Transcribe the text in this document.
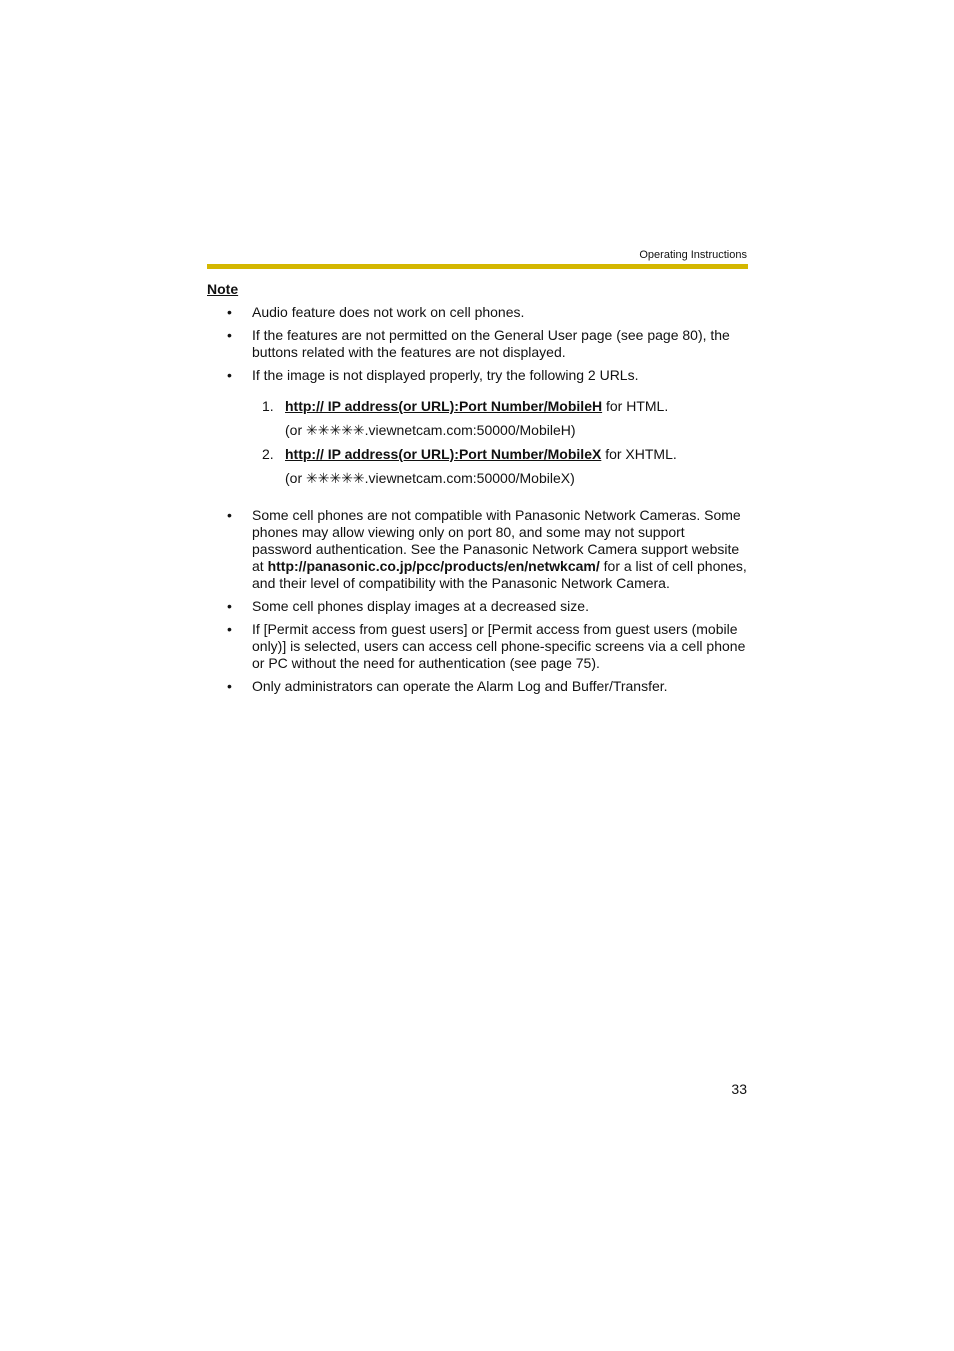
Operating Instructions
Note
• Audio feature does not work on cell phones.
• If the features are not permitted on the General User page (see page 80), the buttons related with the features are not displayed.
• If the image is not displayed properly, try the following 2 URLs.
1. http:// IP address(or URL):Port Number/MobileH for HTML.
(or ✳✳✳✳✳.viewnetcam.com:50000/MobileH)
2. http:// IP address(or URL):Port Number/MobileX for XHTML.
(or ✳✳✳✳✳.viewnetcam.com:50000/MobileX)
• Some cell phones are not compatible with Panasonic Network Cameras. Some phones may allow viewing only on port 80, and some may not support password authentication. See the Panasonic Network Camera support website at http://panasonic.co.jp/pcc/products/en/netwkcam/ for a list of cell phones, and their level of compatibility with the Panasonic Network Camera.
• Some cell phones display images at a decreased size.
• If [Permit access from guest users] or [Permit access from guest users (mobile only)] is selected, users can access cell phone-specific screens via a cell phone or PC without the need for authentication (see page 75).
• Only administrators can operate the Alarm Log and Buffer/Transfer.
33
